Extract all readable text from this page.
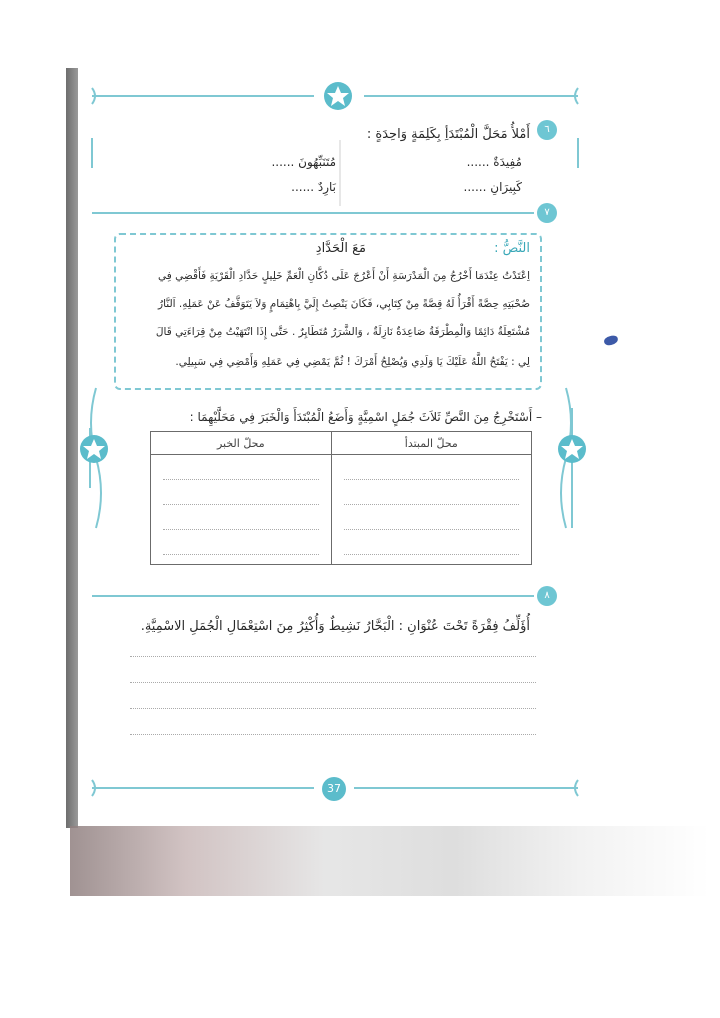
٦
أَمْلأُ مَحَلَّ الْمُبْتَدَأِ بِكَلِمَةٍ وَاحِدَةٍ :
مُفِيدَةٌ ......
مُتَنَبِّهُونَ ......
كَبِيرَانِ ......
بَارِدٌ ......
٧
النَّصُّ :
مَعَ الْحَدَّادِ
اِعْتَدْتُ عِنْدَمَا أَخْرُجُ مِنَ الْمَدْرَسَةِ أَنْ أَعْرُجَ عَلَى دُكَّانِ الْعَمِّ خَلِيلٍ حَدَّادِ الْقَرْيَةِ فَأَقْضِي فِي
صُحْبَتِهِ حِصَّةً أَقْرَأُ لَهُ قِصَّةً مِنْ كِتَابِي، فَكَانَ يَنْصِتُ إِلَيَّ بِاهْتِمَامٍ وَلاَ يَتَوَقَّفُ عَنْ عَمَلِهِ. اَلنَّارُ
مُشْتَعِلَةٌ دَائِمًا وَالْمِطْرَقَةُ صَاعِدَةٌ نَازِلَةٌ ، وَالشَّرَرُ مُتَطَايِرٌ . حَتَّى إِذَا انْتَهَيْتُ مِنْ قِرَاءَتِي قَالَ
لِي : يَفْتَحُ اللَّهُ عَلَيْكَ يَا وَلَدِي وَيُصْلِحُ أَمْرَكَ ! ثُمَّ يَمْضِي فِي عَمَلِهِ وَأَمْضِي فِي سَبِيلِي.
– أَسْتَخْرِجُ مِنَ النَّصِّ ثَلاَثَ جُمَلٍ اسْمِيَّةٍ وَأَضَعُ الْمُبْتَدَأَ وَالْخَبَرَ فِي مَحَلَّيْهِمَا :
محلّ الخبر	محلّ المبتدأ

٨
أُؤَلِّفُ فِقْرَةً تَحْتَ عُنْوَانِ : الْبَحَّارُ نَشِيطٌ وَأُكْثِرُ مِنَ اسْتِعْمَالِ الْجُمَلِ الاسْمِيَّةِ.
37
